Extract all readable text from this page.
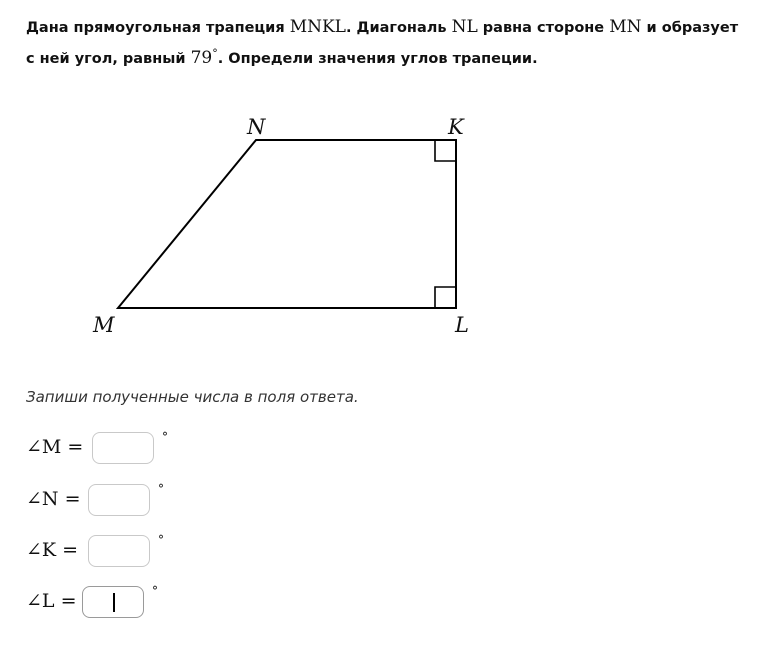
Дана прямоугольная трапеция MNKL. Диагональ NL равна стороне MN и образует с ней угол, равный 79°. Определи значения углов трапеции.
N	K
M	L
Запиши полученные числа в поля ответа.
∠M =	°
∠N =	°
∠K =	°
∠L =	°
